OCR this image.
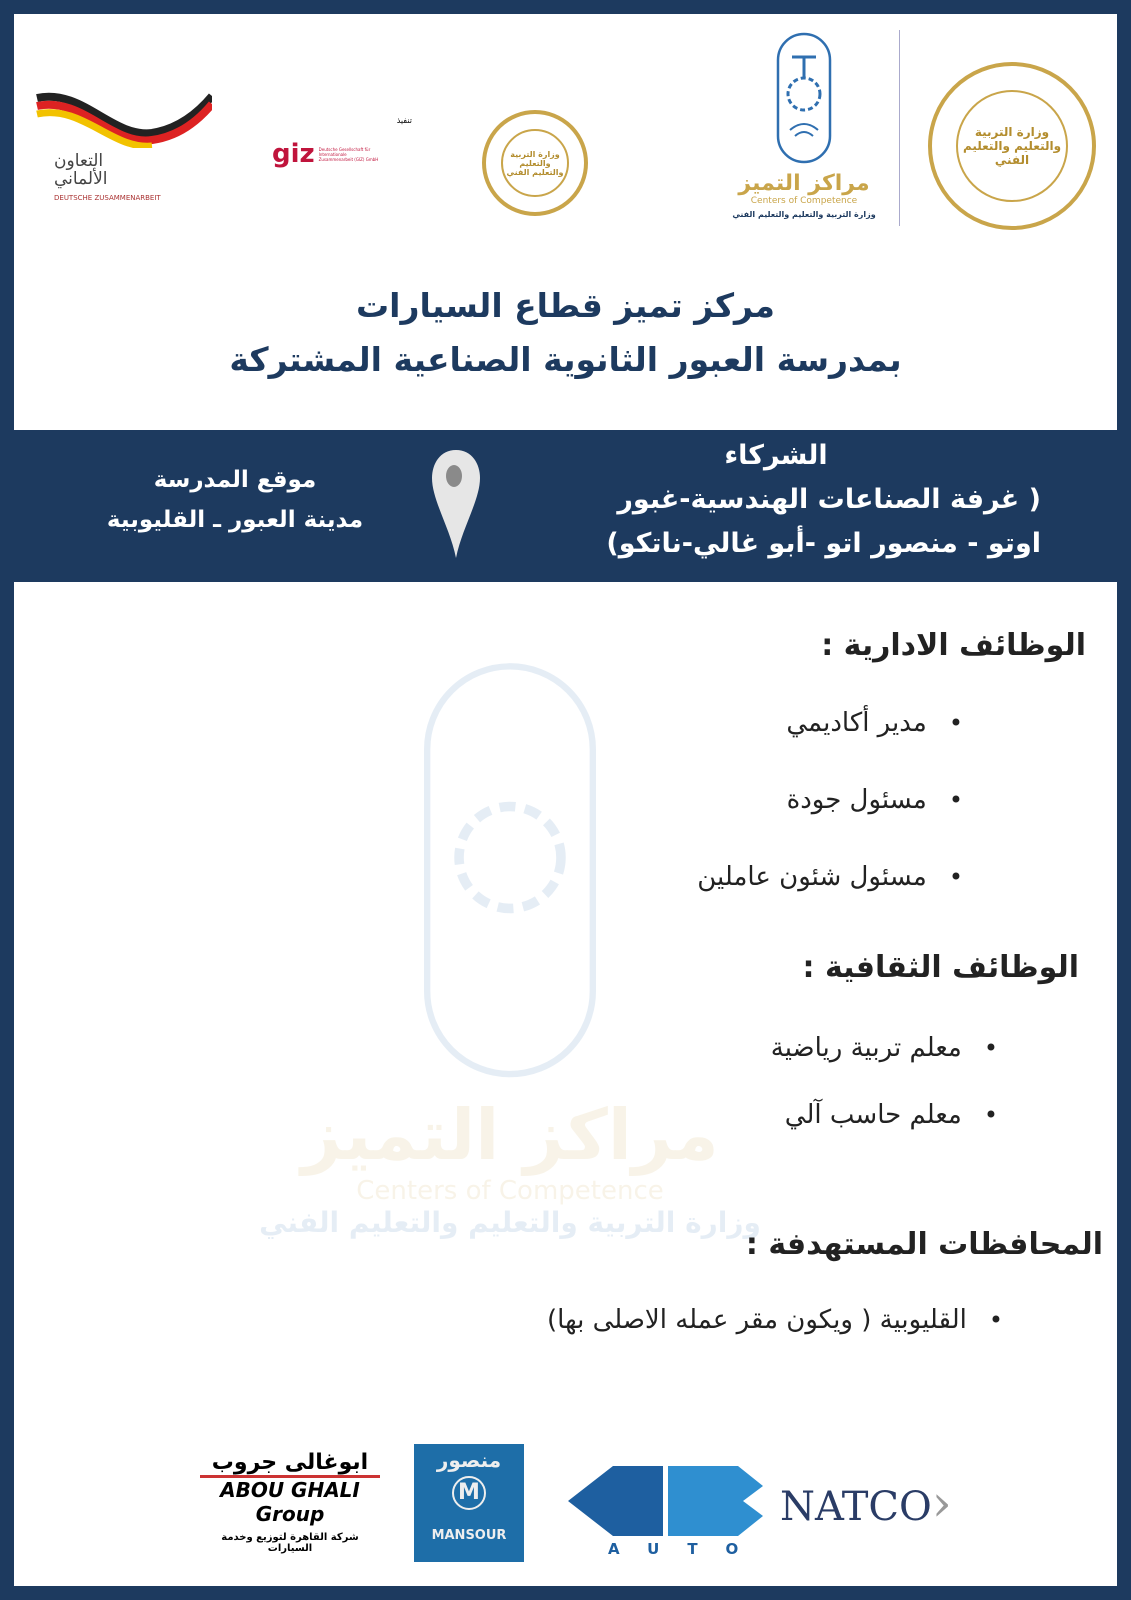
التعاون الألماني
DEUTSCHE ZUSAMMENARBEIT
تنفيذ
giz Deutsche Gesellschaft für Internationale Zusammenarbeit (GIZ) GmbH
وزارة التربية والتعليم والتعليم الفني	مراكز التميز
Centers of Competence
وزارة التربية والتعليم والتعليم الفني
وزارة التربية والتعليم والتعليم الفني
مركز تميز قطاع السيارات
بمدرسة العبور الثانوية الصناعية المشتركة
الشركاء
( غرفة الصناعات الهندسية-غبور
اوتو - منصور اتو -أبو غالي-ناتكو)
موقع المدرسة
مدينة العبور ـ القليوبية
مراكز التميز
Centers of Competence
وزارة التربية والتعليم والتعليم الفني
الوظائف الادارية :
• مدير أكاديمي
• مسئول جودة
• مسئول شئون عاملين
الوظائف الثقافية :
• معلم تربية رياضية
• معلم حاسب آلي
المحافظات المستهدفة :
• القليوبية ( ويكون مقر عمله الاصلى بها)
ابوغالى جروب
ABOU GHALI Group
شركة القاهرة لتوزيع وخدمة السيارات
منصور
M
MANSOUR
AUTO
NATCO›
